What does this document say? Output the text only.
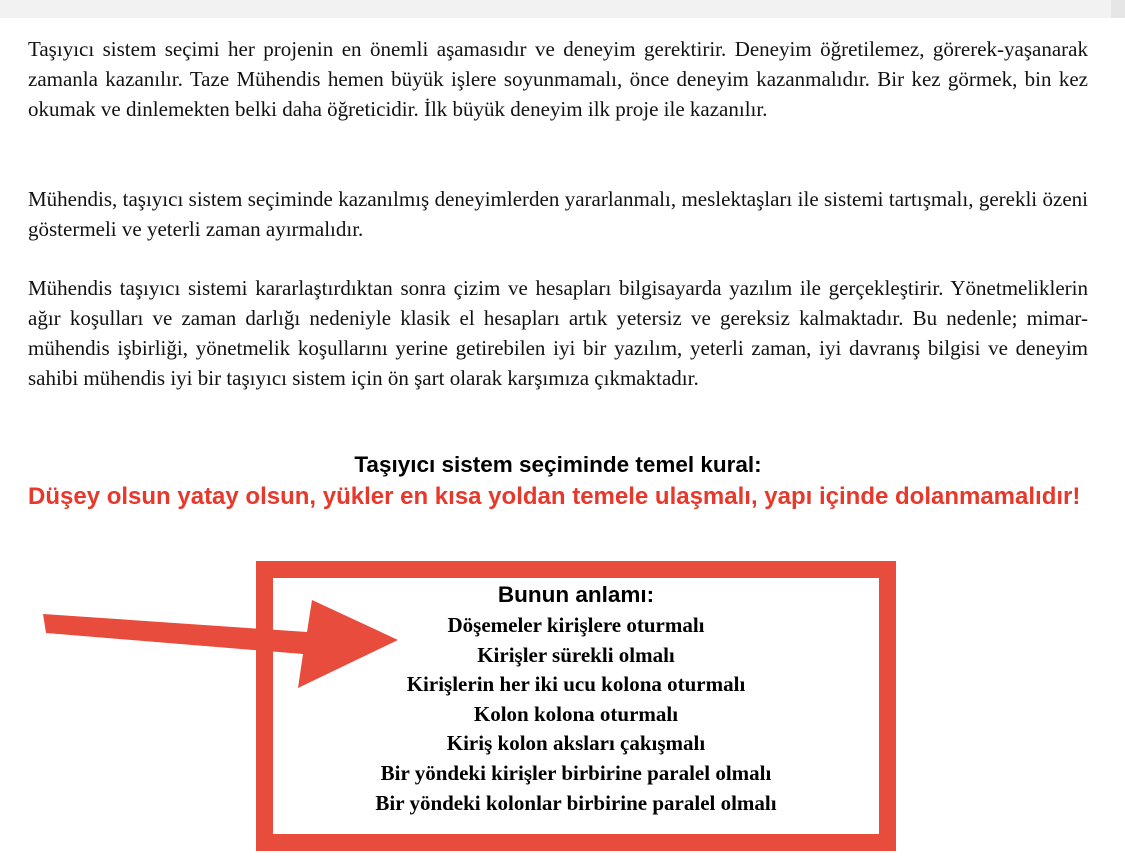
Taşıyıcı sistem seçimi her projenin en önemli aşamasıdır ve deneyim gerektirir. Deneyim öğretilemez, görerek-yaşanarak zamanla kazanılır. Taze Mühendis hemen büyük işlere soyunmamalı, önce deneyim kazanmalıdır. Bir kez görmek, bin kez okumak ve dinlemekten belki daha öğreticidir. İlk büyük deneyim ilk proje ile kazanılır.

Mühendis, taşıyıcı sistem seçiminde kazanılmış deneyimlerden yararlanmalı, meslektaşları ile sistemi tartışmalı, gerekli özeni göstermeli ve yeterli zaman ayırmalıdır.

Mühendis taşıyıcı sistemi kararlaştırdıktan sonra çizim ve hesapları bilgisayarda yazılım ile gerçekleştirir. Yönetmeliklerin ağır koşulları ve zaman darlığı nedeniyle klasik el hesapları artık yetersiz ve gereksiz kalmaktadır. Bu nedenle; mimar-mühendis işbirliği, yönetmelik koşullarını yerine getirebilen iyi bir yazılım, yeterli zaman, iyi davranış bilgisi ve deneyim sahibi mühendis iyi bir taşıyıcı sistem için ön şart olarak karşımıza çıkmaktadır.

Taşıyıcı sistem seçiminde temel kural:

Düşey olsun yatay olsun, yükler en kısa yoldan temele ulaşmalı, yapı içinde dolanmamalıdır!

Bunun anlamı:
Döşemeler kirişlere oturmalı
Kirişler sürekli olmalı
Kirişlerin her iki ucu kolona oturmalı
Kolon kolona oturmalı
Kiriş kolon aksları çakışmalı
Bir yöndeki kirişler birbirine paralel olmalı
Bir yöndeki kolonlar birbirine paralel olmalı
